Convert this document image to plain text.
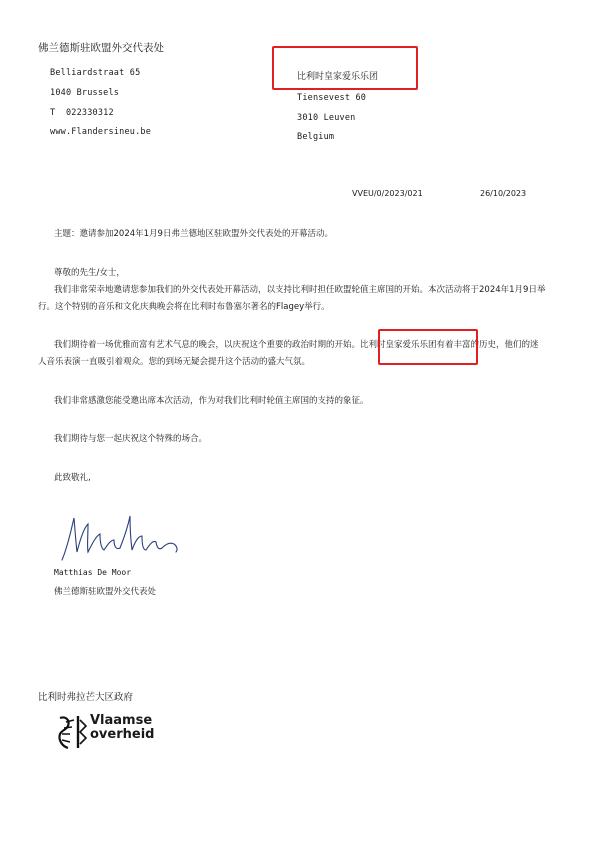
佛兰德斯驻欧盟外交代表处
Belliardstraat 65
1040 Brussels
T  022330312
www.Flandersineu.be
比利时皇家爱乐乐团
Tiensevest 60
3010 Leuven
Belgium
VVEU/0/2023/021	26/10/2023
主题：邀请参加2024年1月9日弗兰德地区驻欧盟外交代表处的开幕活动。
尊敬的先生/女士，
我们非常荣幸地邀请您参加我们的外交代表处开幕活动，以支持比利时担任欧盟轮值主席国的开始。本次活动将于2024年1月9日举
行。这个特别的音乐和文化庆典晚会将在比利时布鲁塞尔著名的Flagey举行。
我们期待着一场优雅而富有艺术气息的晚会，以庆祝这个重要的政治时期的开始。比利时皇家爱乐乐团有着丰富的历史，他们的迷
人音乐表演一直吸引着观众。您的到场无疑会提升这个活动的盛大气氛。
我们非常感激您能受邀出席本次活动，作为对我们比利时轮值主席国的支持的象征。
我们期待与您一起庆祝这个特殊的场合。
此致敬礼,
Matthias De Moor
佛兰德斯驻欧盟外交代表处
比利时弗拉芒大区政府
Vlaamse
overheid
